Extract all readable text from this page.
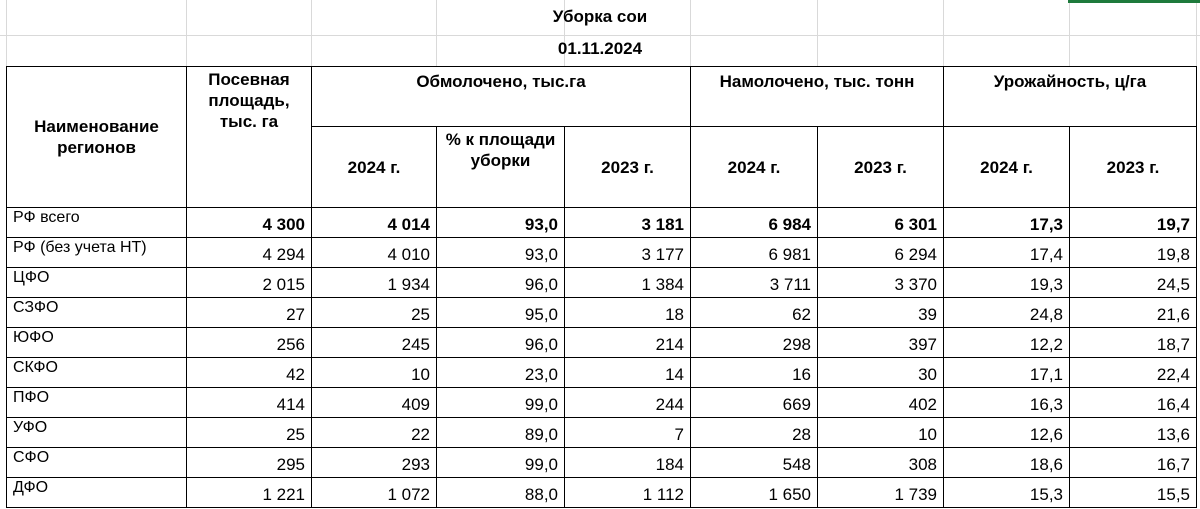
Уборка сои
01.11.2024
Наименование регионов	Посевная площадь, тыс. га	Обмолочено, тыс.га			Намолочено, тыс. тонн		Урожайность, ц/га	
		2024 г.	% к площади уборки	2023 г.	2024 г.	2023 г.	2024 г.	2023 г.
РФ всего	4 300	4 014	93,0	3 181	6 984	6 301	17,3	19,7
РФ (без учета НТ)	4 294	4 010	93,0	3 177	6 981	6 294	17,4	19,8
ЦФО	2 015	1 934	96,0	1 384	3 711	3 370	19,3	24,5
СЗФО	27	25	95,0	18	62	39	24,8	21,6
ЮФО	256	245	96,0	214	298	397	12,2	18,7
СКФО	42	10	23,0	14	16	30	17,1	22,4
ПФО	414	409	99,0	244	669	402	16,3	16,4
УФО	25	22	89,0	7	28	10	12,6	13,6
СФО	295	293	99,0	184	548	308	18,6	16,7
ДФО	1 221	1 072	88,0	1 112	1 650	1 739	15,3	15,5
